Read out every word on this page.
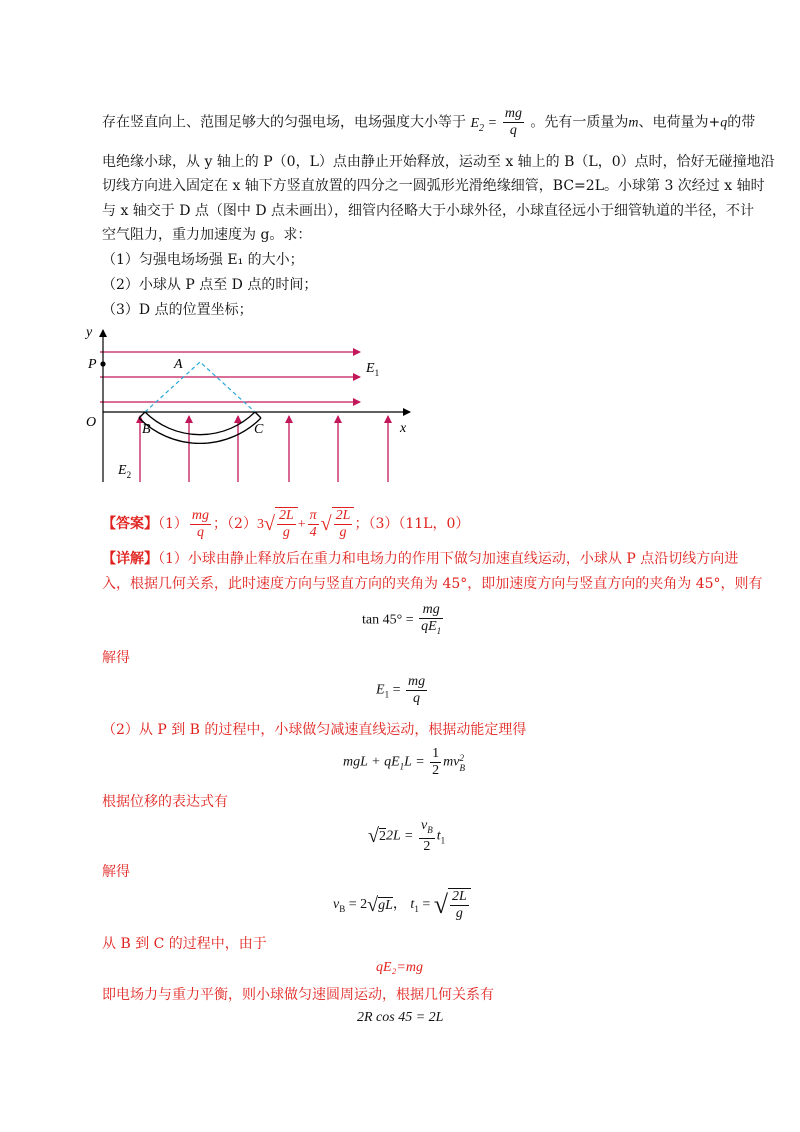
存在竖直向上、范围足够大的匀强电场，电场强度大小等于 $E_2 = \frac{mg}{q}$ 。先有一质量为m、电荷量为+q的带
电绝缘小球，从 y 轴上的 P（0，L）点由静止开始释放，运动至 x 轴上的 B（L，0）点时，恰好无碰撞地沿
切线方向进入固定在 x 轴下方竖直放置的四分之一圆弧形光滑绝缘细管，BC=2L。小球第 3 次经过 x 轴时
与 x 轴交于 D 点（图中 D 点未画出），细管内径略大于小球外径，小球直径远小于细管轨道的半径，不计
空气阻力，重力加速度为 g。求：
（1）匀强电场场强 E₁ 的大小；
（2）小球从 P 点至 D 点的时间；
（3）D 点的位置坐标；
y
P
O
A
B	C	x
$E_1$
$E_2$
【答案】$(1) \frac{mg}{q}$ ；$(2)3√ \frac{2L}{g} + \frac{\pi}{4}$ √ $\frac{2L}{g}$ ；（3）（11L，0）
【详解】（1）小球由静止释放后在重力和电场力的作用下做匀加速直线运动，小球从 P 点沿切线方向进
入，根据几何关系，此时速度方向与竖直方向的夹角为 45°，即加速度方向与竖直方向的夹角为 45°，则有
$\tan 45^\circ = \frac{mg}{qE_1}$
解得
$E_1 = \frac{mg}{q}$
（2）从 P 到 B 的过程中，小球做匀减速直线运动，根据动能定理得
mgL + $qE_1L = \frac{1}{2}$ mv 2
B
根据位移的表达式有
$√22L = \frac{v_B}{2} t_1$
解得
$v_B = 2√gL$， $t_1$ = √ $\frac{2L}{g}$
从 B 到 C 的过程中，由于
qE₂=mg
即电场力与重力平衡，则小球做匀速圆周运动，根据几何关系有
2R cos 45 = 2L
